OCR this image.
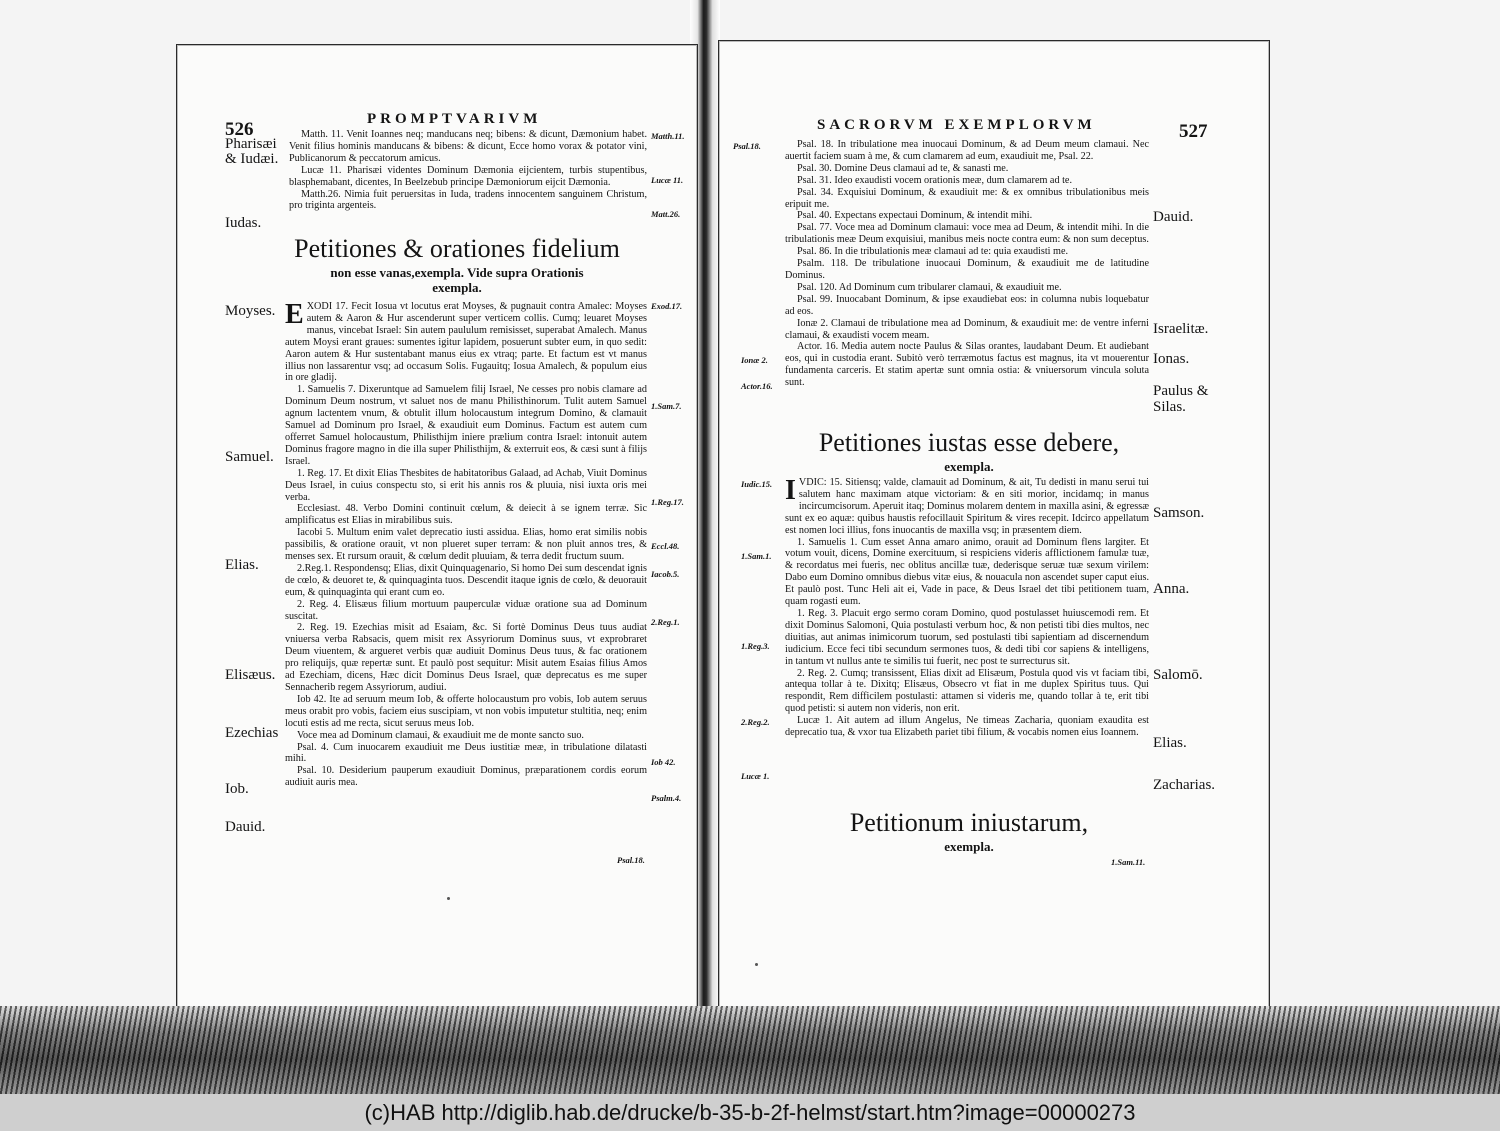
526	PROMPTVARIVM
Pharisæi & Iudæi.
Iudas.
Moyses.
Samuel.
Elias.
Elisæus.
Ezechias
Iob.
Dauid.
Matth.11.
Lucæ 11.
Matt.26.
Exod.17.
1.Sam.7.
1.Reg.17.
Eccl.48.
Iacob.5.
2.Reg.1.
Iob 42.
Psalm.4.
Psal.18.

Matth. 11. Venit Ioannes neq; manducans neq; bibens: & dicunt, Dæmonium habet. Venit filius hominis manducans & bibens: & dicunt, Ecce homo vorax & potator vini, Publicanorum & peccatorum amicus.

Lucæ 11. Pharisæi videntes Dominum Dæmonia eijcientem, turbis stupentibus, blasphemabant, dicentes, In Beelzebub principe Dæmoniorum eijcit Dæmonia.

Matth.26. Nimia fuit peruersitas in Iuda, tradens innocentem sanguinem Christum, pro triginta argenteis.

Petitiones & orationes fidelium
non esse vanas,exempla. Vide supra Orationis exempla.

EXODI 17. Fecit Iosua vt locutus erat Moyses, & pugnauit contra Amalec: Moyses autem & Aaron & Hur ascenderunt super verticem collis. Cumq; leuaret Moyses manus, vincebat Israel: Sin autem paululum remisisset, superabat Amalech. Manus autem Moysi erant graues: sumentes igitur lapidem, posuerunt subter eum, in quo sedit: Aaron autem & Hur sustentabant manus eius ex vtraq; parte. Et factum est vt manus illius non lassarentur vsq; ad occasum Solis. Fugauitq; Iosua Amalech, & populum eius in ore gladij.

1. Samuelis 7. Dixeruntque ad Samuelem filij Israel, Ne cesses pro nobis clamare ad Dominum Deum nostrum, vt saluet nos de manu Philisthinorum. Tulit autem Samuel agnum lactentem vnum, & obtulit illum holocaustum integrum Domino, & clamauit Samuel ad Dominum pro Israel, & exaudiuit eum Dominus. Factum est autem cum offerret Samuel holocaustum, Philisthijm iniere prælium contra Israel: intonuit autem Dominus fragore magno in die illa super Philisthijm, & exterruit eos, & cæsi sunt à filijs Israel.

1. Reg. 17. Et dixit Elias Thesbites de habitatoribus Galaad, ad Achab, Viuit Dominus Deus Israel, in cuius conspectu sto, si erit his annis ros & pluuia, nisi iuxta oris mei verba.

Ecclesiast. 48. Verbo Domini continuit cœlum, & deiecit à se ignem terræ. Sic amplificatus est Elias in mirabilibus suis.

Iacobi 5. Multum enim valet deprecatio iusti assidua. Elias, homo erat similis nobis passibilis, & oratione orauit, vt non plueret super terram: & non pluit annos tres, & menses sex. Et rursum orauit, & cœlum dedit pluuiam, & terra dedit fructum suum.

2.Reg.1. Respondensq; Elias, dixit Quinquagenario, Si homo Dei sum descendat ignis de cœlo, & deuoret te, & quinquaginta tuos. Descendit itaque ignis de cœlo, & deuorauit eum, & quinquaginta qui erant cum eo.

2. Reg. 4. Elisæus filium mortuum pauperculæ viduæ oratione sua ad Dominum suscitat.

2. Reg. 19. Ezechias misit ad Esaiam, &c. Si fortè Dominus Deus tuus audiat vniuersa verba Rabsacis, quem misit rex Assyriorum Dominus suus, vt exprobraret Deum viuentem, & argueret verbis quæ audiuit Dominus Deus tuus, & fac orationem pro reliquijs, quæ repertæ sunt. Et paulò post sequitur: Misit autem Esaias filius Amos ad Ezechiam, dicens, Hæc dicit Dominus Deus Israel, quæ deprecatus es me super Sennacherib regem Assyriorum, audiui.

Iob 42. Ite ad seruum meum Iob, & offerte holocaustum pro vobis, Iob autem seruus meus orabit pro vobis, faciem eius suscipiam, vt non vobis imputetur stultitia, neq; enim locuti estis ad me recta, sicut seruus meus Iob.

Voce mea ad Dominum clamaui, & exaudiuit me de monte sancto suo.

Psal. 4. Cum inuocarem exaudiuit me Deus iustitiæ meæ, in tribulatione dilatasti mihi.

Psal. 10. Desiderium pauperum exaudiuit Dominus, præparationem cordis eorum audiuit auris mea.

SACRORVM EXEMPLORVM	527
Psal.18.
Ionæ 2.
Actor.16.
Iudic.15.
1.Sam.1.
1.Reg.3.
2.Reg.2.
Lucæ 1.
Dauid.
Israelitæ.
Ionas.
Paulus & Silas.
Samson.
Anna.
Salomō.
Elias.
Zacharias.

Psal. 18. In tribulatione mea inuocaui Dominum, & ad Deum meum clamaui. Nec auertit faciem suam à me, & cum clamarem ad eum, exaudiuit me, Psal. 22.

Psal. 30. Domine Deus clamaui ad te, & sanasti me.

Psal. 31. Ideo exaudisti vocem orationis meæ, dum clamarem ad te.

Psal. 34. Exquisiui Dominum, & exaudiuit me: & ex omnibus tribulationibus meis eripuit me.

Psal. 40. Expectans expectaui Dominum, & intendit mihi.

Psal. 77. Voce mea ad Dominum clamaui: voce mea ad Deum, & intendit mihi. In die tribulationis meæ Deum exquisiui, manibus meis nocte contra eum: & non sum deceptus.

Psal. 86. In die tribulationis meæ clamaui ad te: quia exaudisti me.

Psalm. 118. De tribulatione inuocaui Dominum, & exaudiuit me de latitudine Dominus.

Psal. 120. Ad Dominum cum tribularer clamaui, & exaudiuit me.

Psal. 99. Inuocabant Dominum, & ipse exaudiebat eos: in columna nubis loquebatur ad eos.

Ionæ 2. Clamaui de tribulatione mea ad Dominum, & exaudiuit me: de ventre inferni clamaui, & exaudisti vocem meam.

Actor. 16. Media autem nocte Paulus & Silas orantes, laudabant Deum. Et audiebant eos, qui in custodia erant. Subitò verò terræmotus factus est magnus, ita vt mouerentur fundamenta carceris. Et statim apertæ sunt omnia ostia: & vniuersorum vincula soluta sunt.

Petitiones iustas esse debere,
exempla.

IVDIC: 15. Sitiensq; valde, clamauit ad Dominum, & ait, Tu dedisti in manu serui tui salutem hanc maximam atque victoriam: & en siti morior, incidamq; in manus incircumcisorum. Aperuit itaq; Dominus molarem dentem in maxilla asini, & egressæ sunt ex eo aquæ: quibus haustis refocillauit Spiritum & vires recepit. Idcirco appellatum est nomen loci illius, fons inuocantis de maxilla vsq; in præsentem diem.

1. Samuelis 1. Cum esset Anna amaro animo, orauit ad Dominum flens largiter. Et votum vouit, dicens, Domine exercituum, si respiciens videris afflictionem famulæ tuæ, & recordatus mei fueris, nec oblitus ancillæ tuæ, dederisque seruæ tuæ sexum virilem: Dabo eum Domino omnibus diebus vitæ eius, & nouacula non ascendet super caput eius. Et paulò post. Tunc Heli ait ei, Vade in pace, & Deus Israel det tibi petitionem tuam, quam rogasti eum.

1. Reg. 3. Placuit ergo sermo coram Domino, quod postulasset huiuscemodi rem. Et dixit Dominus Salomoni, Quia postulasti verbum hoc, & non petisti tibi dies multos, nec diuitias, aut animas inimicorum tuorum, sed postulasti tibi sapientiam ad discernendum iudicium. Ecce feci tibi secundum sermones tuos, & dedi tibi cor sapiens & intelligens, in tantum vt nullus ante te similis tui fuerit, nec post te surrecturus sit.

2. Reg. 2. Cumq; transissent, Elias dixit ad Elisæum, Postula quod vis vt faciam tibi, antequa tollar à te. Dixitq; Elisæus, Obsecro vt fiat in me duplex Spiritus tuus. Qui respondit, Rem difficilem postulasti: attamen si videris me, quando tollar à te, erit tibi quod petisti: si autem non videris, non erit.

Lucæ 1. Ait autem ad illum Angelus, Ne timeas Zacharia, quoniam exaudita est deprecatio tua, & vxor tua Elizabeth pariet tibi filium, & vocabis nomen eius Ioannem.

Petitionum iniustarum,
exempla.
1.Sam.11.
(c)HAB http://diglib.hab.de/drucke/b-35-b-2f-helmst/start.htm?image=00000273
